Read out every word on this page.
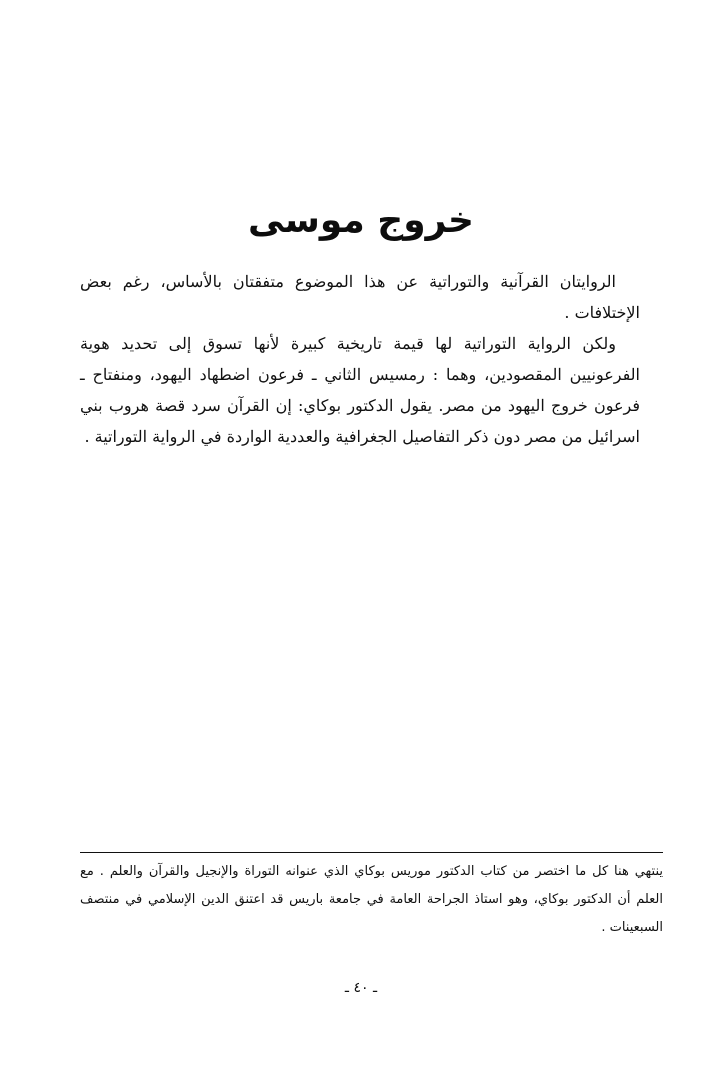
خروج موسى

الروايتان القرآنية والتوراتية عن هذا الموضوع متفقتان بالأساس، رغم بعض الإختلافات .

ولكن الرواية التوراتية لها قيمة تاريخية كبيرة لأنها تسوق إلى تحديد هوية الفرعونيين المقصودين، وهما : رمسيس الثاني ـ فرعون اضطهاد اليهود، ومنفتاح ـ فرعون خروج اليهود من مصر. يقول الدكتور بوكاي: إن القرآن سرد قصة هروب بني اسرائيل من مصر دون ذكر التفاصيل الجغرافية والعددية الواردة في الرواية التوراتية .

ينتهي هنا كل ما اختصر من كتاب الدكتور موريس بوكاي الذي عنوانه التوراة والإنجيل والقرآن والعلم . مع العلم أن الدكتور بوكاي، وهو استاذ الجراحة العامة في جامعة باريس قد اعتنق الدين الإسلامي في منتصف السبعينات .

ـ ٤٠ ـ
